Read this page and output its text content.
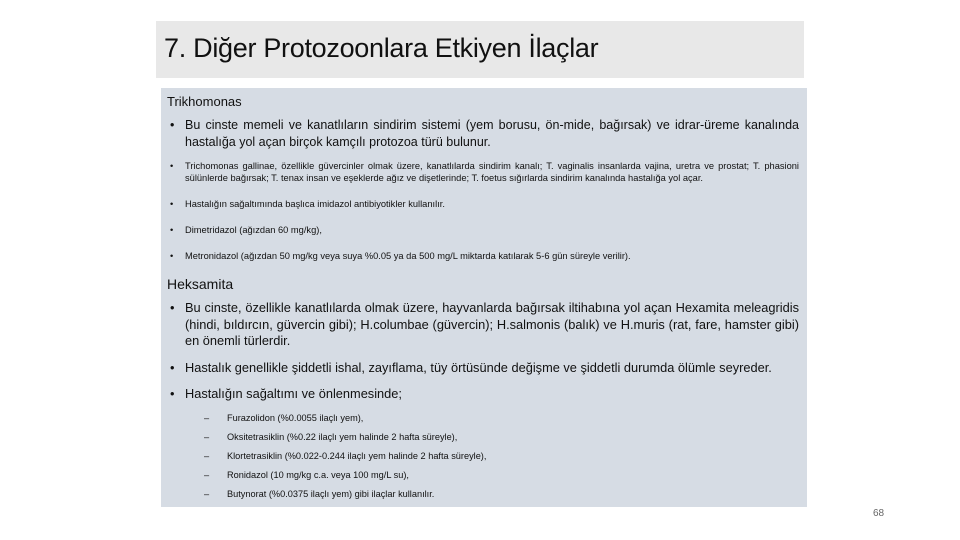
7. Diğer Protozoonlara Etkiyen İlaçlar
Trikhomonas
• Bu cinste memeli ve kanatlıların sindirim sistemi (yem borusu, ön-mide, bağırsak) ve idrar-üreme kanalında hastalığa yol açan birçok kamçılı protozoa türü bulunur.
• Trichomonas gallinae, özellikle güvercinler olmak üzere, kanatlılarda sindirim kanalı; T. vaginalis insanlarda vajina, uretra ve prostat; T. phasioni sülünlerde bağırsak; T. tenax insan ve eşeklerde ağız ve dişetlerinde; T. foetus sığırlarda sindirim kanalında hastalığa yol açar.
• Hastalığın sağaltımında başlıca imidazol antibiyotikler kullanılır.
• Dimetridazol (ağızdan 60 mg/kg),
• Metronidazol (ağızdan 50 mg/kg veya suya %0.05 ya da 500 mg/L miktarda katılarak 5-6 gün süreyle verilir).
Heksamita
• Bu cinste, özellikle kanatlılarda olmak üzere, hayvanlarda bağırsak iltihabına yol açan Hexamita meleagridis (hindi, bıldırcın, güvercin gibi); H.columbae (güvercin); H.salmonis (balık) ve H.muris (rat, fare, hamster gibi) en önemli türlerdir.
• Hastalık genellikle şiddetli ishal, zayıflama, tüy örtüsünde değişme ve şiddetli durumda ölümle seyreder.
• Hastalığın sağaltımı ve önlenmesinde;
– Furazolidon (%0.0055 ilaçlı yem),
– Oksitetrasiklin (%0.22 ilaçlı yem halinde 2 hafta süreyle),
– Klortetrasiklin (%0.022-0.244 ilaçlı yem halinde 2 hafta süreyle),
– Ronidazol (10 mg/kg c.a. veya 100 mg/L su),
– Butynorat (%0.0375 ilaçlı yem) gibi ilaçlar kullanılır.
68
